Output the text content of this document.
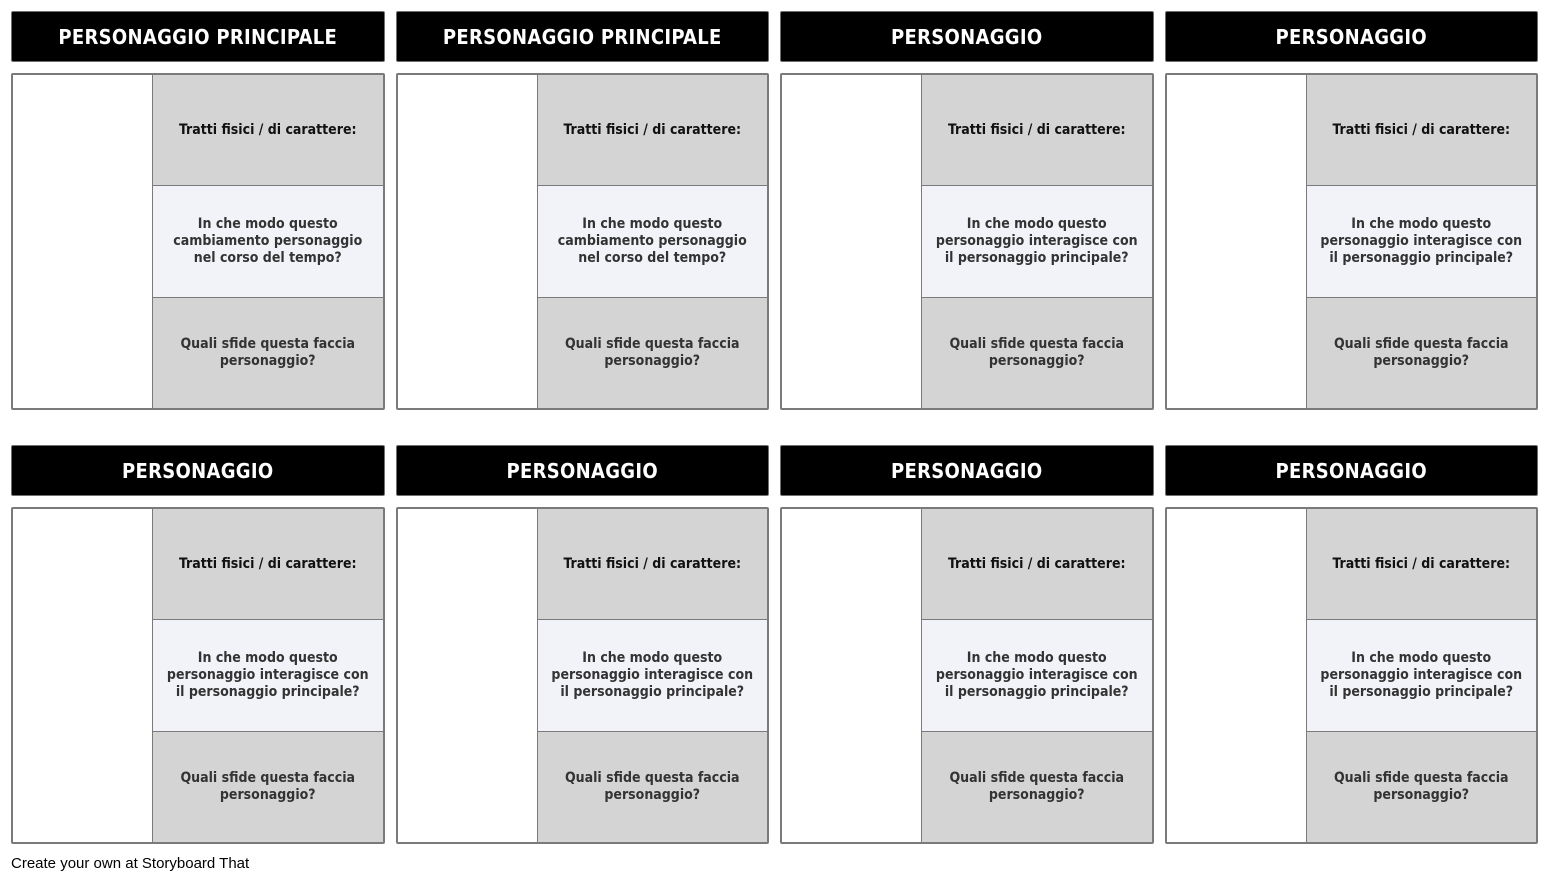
PERSONAGGIO PRINCIPALE
Tratti fisici / di carattere:
In che modo questo cambiamento personaggio nel corso del tempo?
Quali sfide questa faccia personaggio?
PERSONAGGIO PRINCIPALE
Tratti fisici / di carattere:
In che modo questo cambiamento personaggio nel corso del tempo?
Quali sfide questa faccia personaggio?
PERSONAGGIO
Tratti fisici / di carattere:
In che modo questo personaggio interagisce con il personaggio principale?
Quali sfide questa faccia personaggio?
PERSONAGGIO
Tratti fisici / di carattere:
In che modo questo personaggio interagisce con il personaggio principale?
Quali sfide questa faccia personaggio?
PERSONAGGIO
Tratti fisici / di carattere:
In che modo questo personaggio interagisce con il personaggio principale?
Quali sfide questa faccia personaggio?
PERSONAGGIO
Tratti fisici / di carattere:
In che modo questo personaggio interagisce con il personaggio principale?
Quali sfide questa faccia personaggio?
PERSONAGGIO
Tratti fisici / di carattere:
In che modo questo personaggio interagisce con il personaggio principale?
Quali sfide questa faccia personaggio?
PERSONAGGIO
Tratti fisici / di carattere:
In che modo questo personaggio interagisce con il personaggio principale?
Quali sfide questa faccia personaggio?
Create your own at Storyboard That
